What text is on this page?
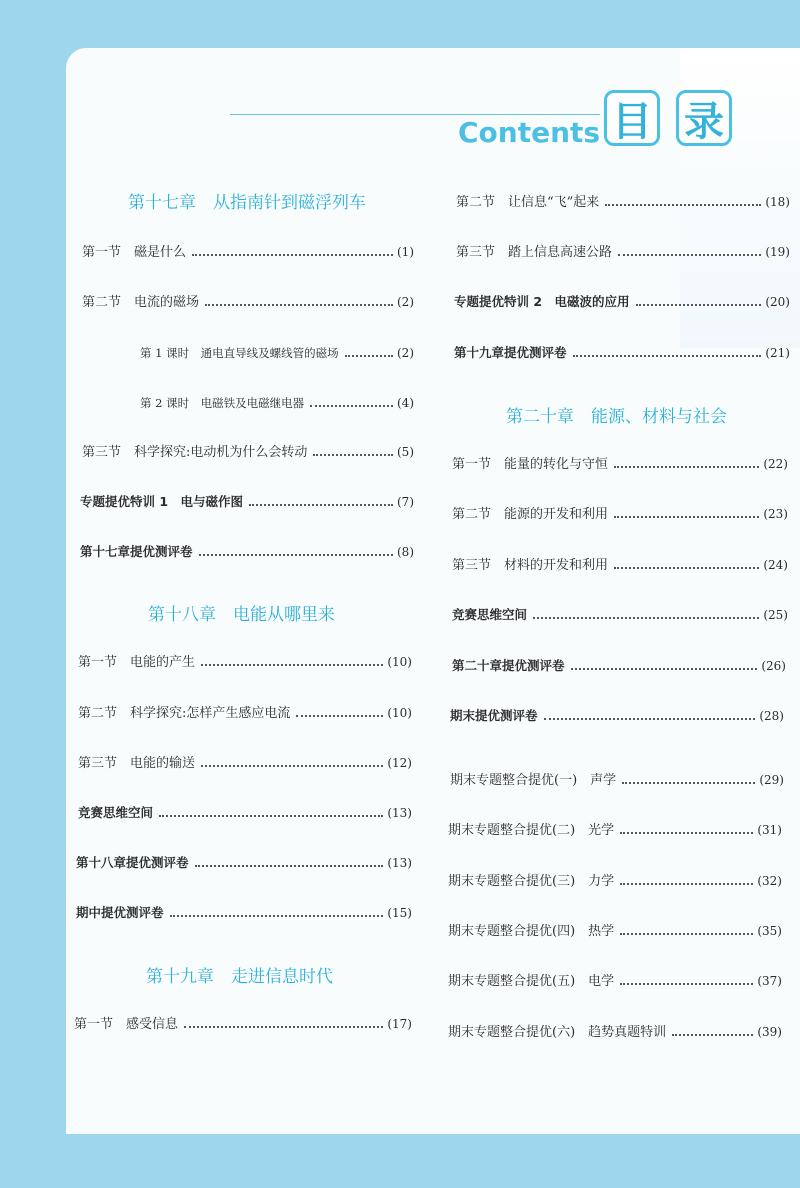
Contents 目 录
第十七章　从指南针到磁浮列车
第一节　磁是什么	(1)
第二节　电流的磁场	(2)
第 1 课时　通电直导线及螺线管的磁场	(2)
第 2 课时　电磁铁及电磁继电器	(4)
第三节　科学探究:电动机为什么会转动	(5)
专题提优特训 1　电与磁作图	(7)
第十七章提优测评卷	(8)
第十八章　电能从哪里来
第一节　电能的产生	(10)
第二节　科学探究:怎样产生感应电流	(10)
第三节　电能的输送	(12)
竞赛思维空间	(13)
第十八章提优测评卷	(13)
期中提优测评卷	(15)
第十九章　走进信息时代
第一节　感受信息	(17)
第二节　让信息“飞”起来	(18)
第三节　踏上信息高速公路	(19)
专题提优特训 2　电磁波的应用	(20)
第十九章提优测评卷	(21)
第二十章　能源、材料与社会
第一节　能量的转化与守恒	(22)
第二节　能源的开发和利用	(23)
第三节　材料的开发和利用	(24)
竞赛思维空间	(25)
第二十章提优测评卷	(26)
期末提优测评卷	(28)
期末专题整合提优(一)　声学	(29)
期末专题整合提优(二)　光学	(31)
期末专题整合提优(三)　力学	(32)
期末专题整合提优(四)　热学	(35)
期末专题整合提优(五)　电学	(37)
期末专题整合提优(六)　趋势真题特训	(39)
